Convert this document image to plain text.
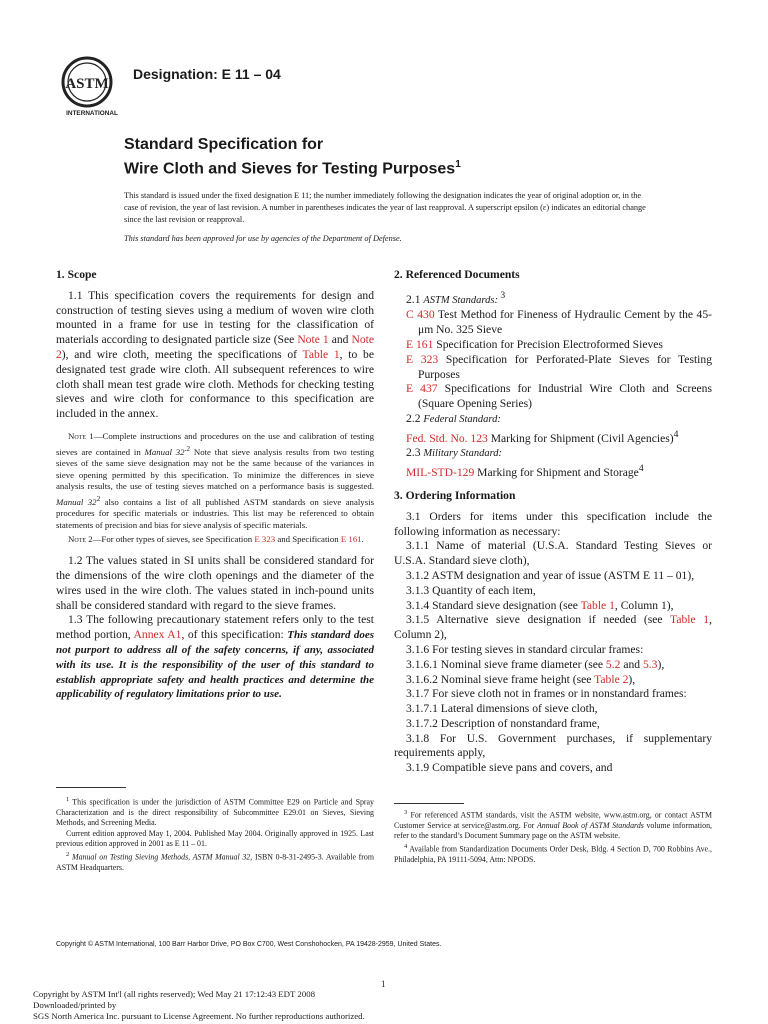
ASTM
INTERNATIONAL
Designation: E 11 – 04
Standard Specification for
Wire Cloth and Sieves for Testing Purposes$^1$
This standard is issued under the fixed designation E 11; the number immediately following the designation indicates the year of original adoption or, in the case of revision, the year of last revision. A number in parentheses indicates the year of last reapproval. A superscript epsilon (ε) indicates an editorial change since the last revision or reapproval.
This standard has been approved for use by agencies of the Department of Defense.
1. Scope

1.1 This specification covers the requirements for design and construction of testing sieves using a medium of woven wire cloth mounted in a frame for use in testing for the classification of materials according to designated particle size (See Note 1 and Note 2), and wire cloth, meeting the specifications of Table 1, to be designated test grade wire cloth. All subsequent references to wire cloth shall mean test grade wire cloth. Methods for checking testing sieves and wire cloth for conformance to this specification are included in the annex.

Note 1—Complete instructions and procedures on the use and calibration of testing sieves are contained in Manual $32^{.2}$ Note that sieve analysis results from two testing sieves of the same sieve designation may not be the same because of the variances in sieve opening permitted by this specification. To minimize the differences in sieve analysis results, the use of testing sieves matched on a performance basis is suggested. Manual $32^2$ also contains a list of all published ASTM standards on sieve analysis procedures for specific materials or industries. This list may be referenced to obtain statements of precision and bias for sieve analysis of specific materials.

Note 2—For other types of sieves, see Specification E 323 and Specification E 161.

1.2 The values stated in SI units shall be considered standard for the dimensions of the wire cloth openings and the diameter of the wires used in the wire cloth. The values stated in inch-pound units shall be considered standard with regard to the sieve frames.

1.3 The following precautionary statement refers only to the test method portion, Annex A1, of this specification: This standard does not purport to address all of the safety concerns, if any, associated with its use. It is the responsibility of the user of this standard to establish appropriate safety and health practices and determine the applicability of regulatory limitations prior to use.

2. Referenced Documents

2.1 ASTM Standards: $^3$

C 430 Test Method for Fineness of Hydraulic Cement by the 45-μm No. 325 Sieve

E 161 Specification for Precision Electroformed Sieves

E 323 Specification for Perforated-Plate Sieves for Testing Purposes

E 437 Specifications for Industrial Wire Cloth and Screens (Square Opening Series)

2.2 Federal Standard:

Fed. Std. No. 123 Marking for Shipment (Civil Agencies)$^4$

2.3 Military Standard:

MIL-STD-129 Marking for Shipment and Storage$^4$

3. Ordering Information

3.1 Orders for items under this specification include the following information as necessary:

3.1.1 Name of material (U.S.A. Standard Testing Sieves or U.S.A. Standard sieve cloth),

3.1.2 ASTM designation and year of issue (ASTM E 11 – 01),

3.1.3 Quantity of each item,

3.1.4 Standard sieve designation (see Table 1, Column 1),

3.1.5 Alternative sieve designation if needed (see Table 1, Column 2),

3.1.6 For testing sieves in standard circular frames:

3.1.6.1 Nominal sieve frame diameter (see 5.2 and 5.3),

3.1.6.2 Nominal sieve frame height (see Table 2),

3.1.7 For sieve cloth not in frames or in nonstandard frames:

3.1.7.1 Lateral dimensions of sieve cloth,

3.1.7.2 Description of nonstandard frame,

3.1.8 For U.S. Government purchases, if supplementary requirements apply,

3.1.9 Compatible sieve pans and covers, and

$^1$ This specification is under the jurisdiction of ASTM Committee E29 on Particle and Spray Characterization and is the direct responsibility of Subcommittee E29.01 on Sieves, Sieving Methods, and Screening Media.

Current edition approved May 1, 2004. Published May 2004. Originally approved in 1925. Last previous edition approved in 2001 as E 11 – 01.

$^2$ Manual on Testing Sieving Methods, ASTM Manual 32, ISBN 0-8-31-2495-3. Available from ASTM Headquarters.

$^3$ For referenced ASTM standards, visit the ASTM website, www.astm.org, or contact ASTM Customer Service at service@astm.org. For Annual Book of ASTM Standards volume information, refer to the standard’s Document Summary page on the ASTM website.

$^4$ Available from Standardization Documents Order Desk, Bldg. 4 Section D, 700 Robbins Ave., Philadelphia, PA 19111-5094, Attn: NPODS.

Copyright © ASTM International, 100 Barr Harbor Drive, PO Box C700, West Conshohocken, PA 19428-2959, United States.
1
Copyright by ASTM Int'l (all rights reserved); Wed May 21 17:12:43 EDT 2008
Downloaded/printed by
SGS North America Inc. pursuant to License Agreement. No further reproductions authorized.
